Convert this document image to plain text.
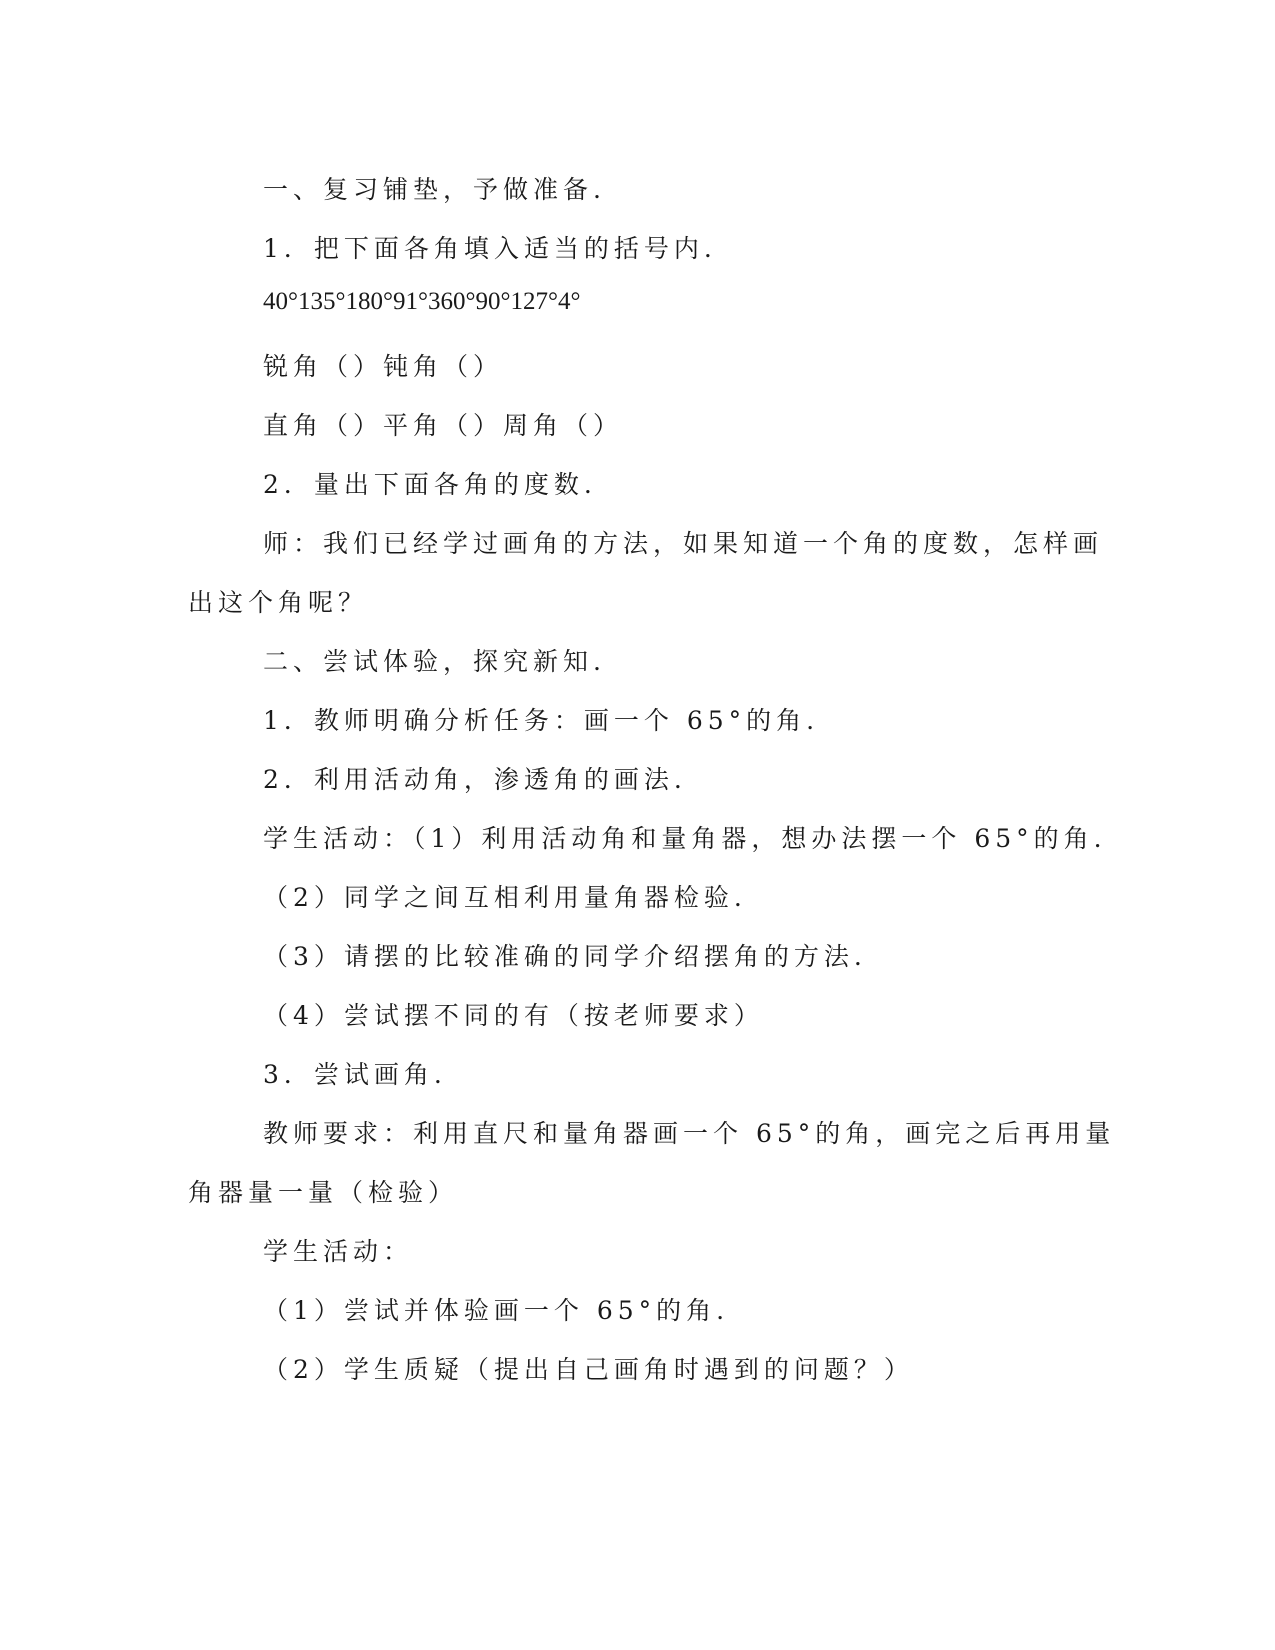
一、复习铺垫，予做准备.
1．把下面各角填入适当的括号内.
40°135°180°91°360°90°127°4°
锐角（）钝角（）
直角（）平角（）周角（）
2．量出下面各角的度数.
师：我们已经学过画角的方法，如果知道一个角的度数，怎样画
出这个角呢？
二、尝试体验，探究新知.
1．教师明确分析任务：画一个 65°的角.
2．利用活动角，渗透角的画法.
学生活动：（1）利用活动角和量角器，想办法摆一个 65°的角.
（2）同学之间互相利用量角器检验.
（3）请摆的比较准确的同学介绍摆角的方法.
（4）尝试摆不同的有（按老师要求）
3．尝试画角.
教师要求：利用直尺和量角器画一个 65°的角，画完之后再用量
角器量一量（检验）
学生活动：
（1）尝试并体验画一个 65°的角.
（2）学生质疑（提出自己画角时遇到的问题？）
